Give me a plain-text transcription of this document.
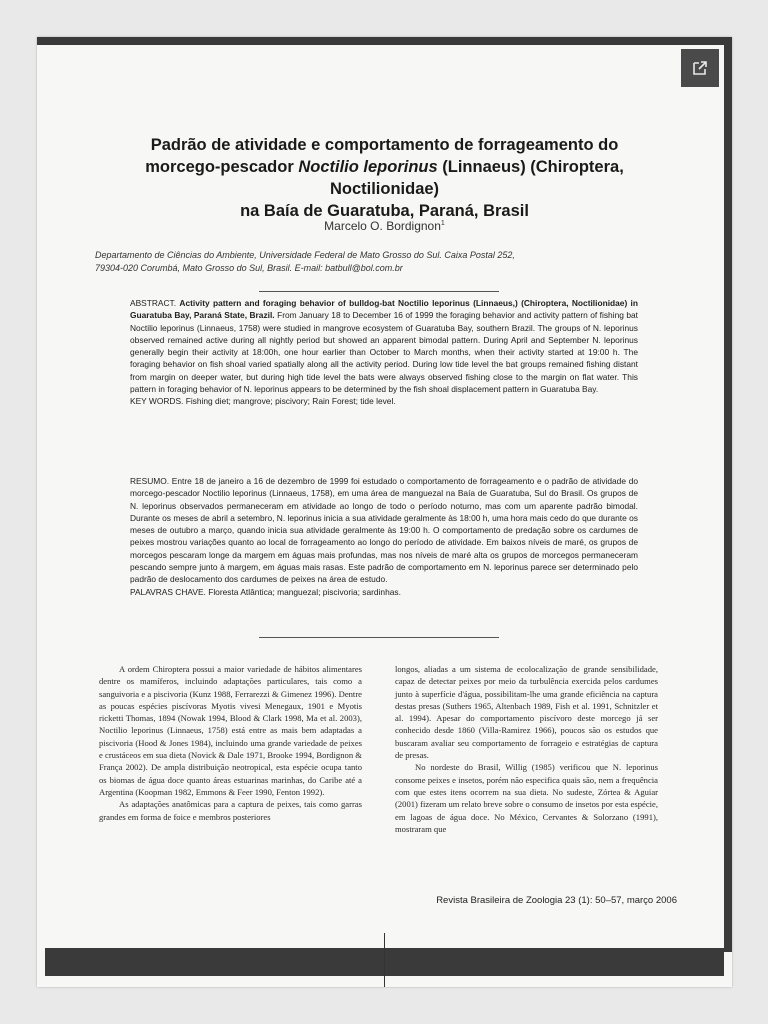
Padrão de atividade e comportamento de forrageamento do
morcego-pescador Noctilio leporinus (Linnaeus) (Chiroptera, Noctilionidae)
na Baía de Guaratuba, Paraná, Brasil
Marcelo O. Bordignon$^1$
Departamento de Ciências do Ambiente, Universidade Federal de Mato Grosso do Sul. Caixa Postal 252,
79304-020 Corumbá, Mato Grosso do Sul, Brasil. E-mail: batbull@bol.com.br

ABSTRACT. Activity pattern and foraging behavior of bulldog-bat Noctilio leporinus (Linnaeus,) (Chiroptera, Noctilionidae) in Guaratuba Bay, Paraná State, Brazil. From January 18 to December 16 of 1999 the foraging behavior and activity pattern of fishing bat Noctilio leporinus (Linnaeus, 1758) were studied in mangrove ecosystem of Guaratuba Bay, southern Brazil. The groups of N. leporinus observed remained active during all nightly period but showed an apparent bimodal pattern. During April and September N. leporinus generally begin their activity at 18:00h, one hour earlier than October to March months, when their activity started at 19:00 h. The foraging behavior on fish shoal varied spatially along all the activity period. During low tide level the bat groups remained fishing distant from margin on deeper water, but during high tide level the bats were always observed fishing close to the margin on flat water. This pattern in foraging behavior of N. leporinus appears to be determined by the fish shoal displacement pattern in Guaratuba Bay.

KEY WORDS. Fishing diet; mangrove; piscivory; Rain Forest; tide level.

RESUMO. Entre 18 de janeiro a 16 de dezembro de 1999 foi estudado o comportamento de forrageamento e o padrão de atividade do morcego-pescador Noctilio leporinus (Linnaeus, 1758), em uma área de manguezal na Baía de Guaratuba, Sul do Brasil. Os grupos de N. leporinus observados permaneceram em atividade ao longo de todo o período noturno, mas com um aparente padrão bimodal. Durante os meses de abril a setembro, N. leporinus inicia a sua atividade geralmente às 18:00 h, uma hora mais cedo do que durante os meses de outubro a março, quando inicia sua atividade geralmente às 19:00 h. O comportamento de predação sobre os cardumes de peixes mostrou variações quanto ao local de forrageamento ao longo do período de atividade. Em baixos níveis de maré, os grupos de morcegos pescaram longe da margem em águas mais profundas, mas nos níveis de maré alta os grupos de morcegos permaneceram pescando sempre junto à margem, em águas mais rasas. Este padrão de comportamento em N. leporinus parece ser determinado pelo padrão de deslocamento dos cardumes de peixes na área de estudo.

PALAVRAS CHAVE. Floresta Atlântica; manguezal; piscivoria; sardinhas.

A ordem Chiroptera possui a maior variedade de hábitos alimentares dentre os mamíferos, incluindo adaptações particulares, tais como a sanguivoria e a piscivoria (Kunz 1988, Ferrarezzi & Gimenez 1996). Dentre as poucas espécies piscívoras Myotis vivesi Menegaux, 1901 e Myotis ricketti Thomas, 1894 (Nowak 1994, Blood & Clark 1998, Ma et al. 2003), Noctilio leporinus (Linnaeus, 1758) está entre as mais bem adaptadas a piscivoria (Hood & Jones 1984), incluindo uma grande variedade de peixes e crustáceos em sua dieta (Novick & Dale 1971, Brooke 1994, Bordignon & França 2002). De ampla distribuição neotropical, esta espécie ocupa tanto os biomas de água doce quanto áreas estuarinas marinhas, do Caribe até a Argentina (Koopman 1982, Emmons & Feer 1990, Fenton 1992).

As adaptações anatômicas para a captura de peixes, tais como garras grandes em forma de foice e membros posteriores

longos, aliadas a um sistema de ecolocalização de grande sensibilidade, capaz de detectar peixes por meio da turbulência exercida pelos cardumes junto à superfície d'água, possibilitam-lhe uma grande eficiência na captura destas presas (Suthers 1965, Altenbach 1989, Fish et al. 1991, Schnitzler et al. 1994). Apesar do comportamento piscívoro deste morcego já ser conhecido desde 1860 (Villa-Ramirez 1966), poucos são os estudos que buscaram avaliar seu comportamento de forrageio e estratégias de captura de presas.

No nordeste do Brasil, Willig (1985) verificou que N. leporinus consome peixes e insetos, porém não especifica quais são, nem a frequência com que estes itens ocorrem na sua dieta. No sudeste, Zórtea & Aguiar (2001) fizeram um relato breve sobre o consumo de insetos por esta espécie, em lagoas de água doce. No México, Cervantes & Solorzano (1991), mostraram que

Revista Brasileira de Zoologia 23 (1): 50–57, março 2006
